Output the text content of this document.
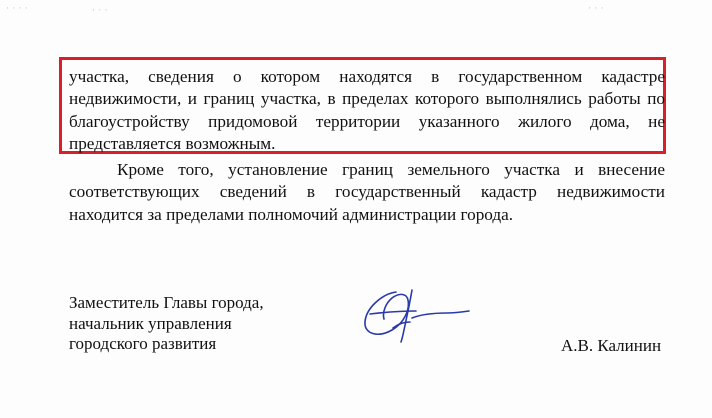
· · · ·	· · ·	· · ·
участка, сведения о котором находятся в государственном кадастре
недвижимости, и границ участка, в пределах которого выполнялись работы по
благоустройству придомовой территории указанного жилого дома, не
представляется возможным.
Кроме того, установление границ земельного участка и внесение
соответствующих сведений в государственный кадастр недвижимости
находится за пределами полномочий администрации города.
Заместитель Главы города,
начальник управления
городского развития	А.В. Калинин
